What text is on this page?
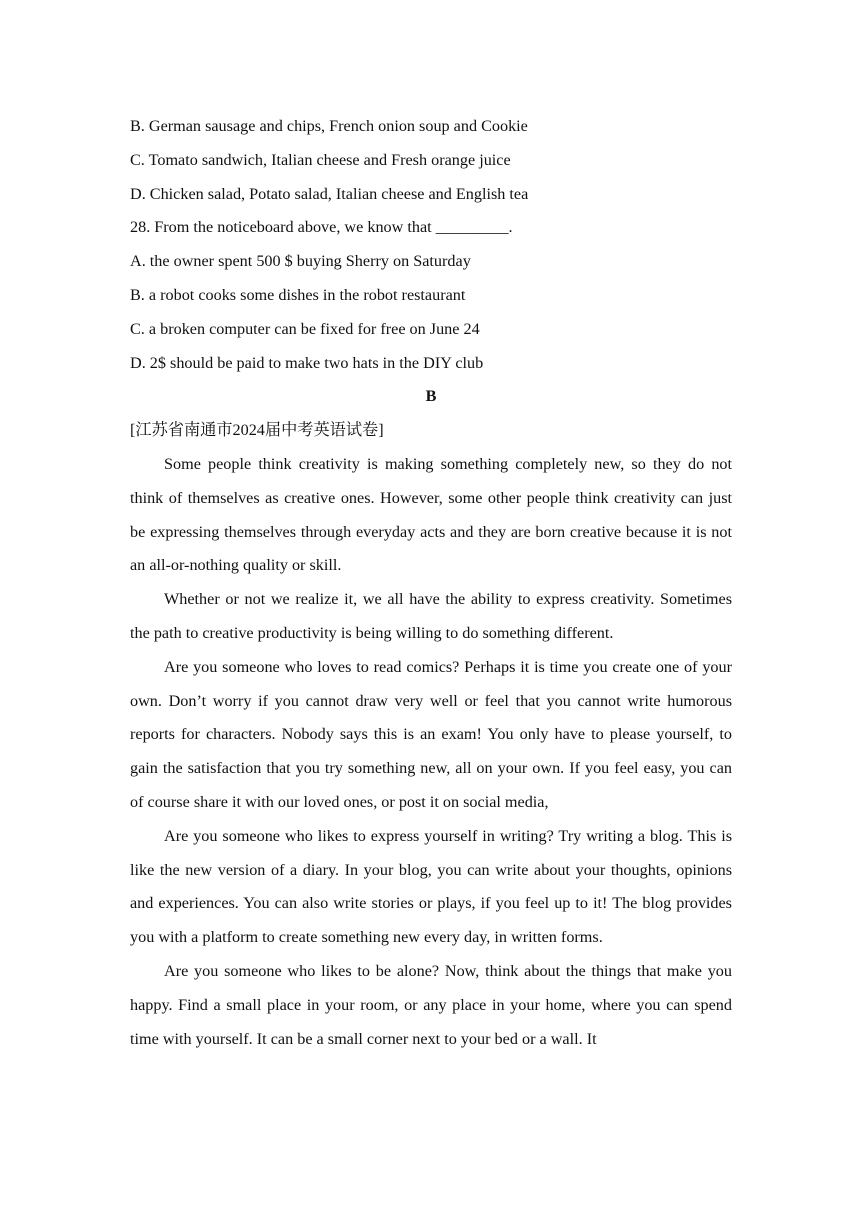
B. German sausage and chips, French onion soup and Cookie

C. Tomato sandwich, Italian cheese and Fresh orange juice

D. Chicken salad, Potato salad, Italian cheese and English tea

28. From the noticeboard above, we know that _________.

A. the owner spent 500 $ buying Sherry on Saturday

B. a robot cooks some dishes in the robot restaurant

C. a broken computer can be fixed for free on June 24

D. 2$ should be paid to make two hats in the DIY club

B

[江苏省南通市2024届中考英语试卷]

Some people think creativity is making something completely new, so they do not think of themselves as creative ones. However, some other people think creativity can just be expressing themselves through everyday acts and they are born creative because it is not an all-or-nothing quality or skill.

Whether or not we realize it, we all have the ability to express creativity. Sometimes the path to creative productivity is being willing to do something different.

Are you someone who loves to read comics? Perhaps it is time you create one of your own. Don’t worry if you cannot draw very well or feel that you cannot write humorous reports for characters. Nobody says this is an exam! You only have to please yourself, to gain the satisfaction that you try something new, all on your own. If you feel easy, you can of course share it with our loved ones, or post it on social media,

Are you someone who likes to express yourself in writing? Try writing a blog. This is like the new version of a diary. In your blog, you can write about your thoughts, opinions and experiences. You can also write stories or plays, if you feel up to it! The blog provides you with a platform to create something new every day, in written forms.

Are you someone who likes to be alone? Now, think about the things that make you happy. Find a small place in your room, or any place in your home, where you can spend time with yourself. It can be a small corner next to your bed or a wall. It
